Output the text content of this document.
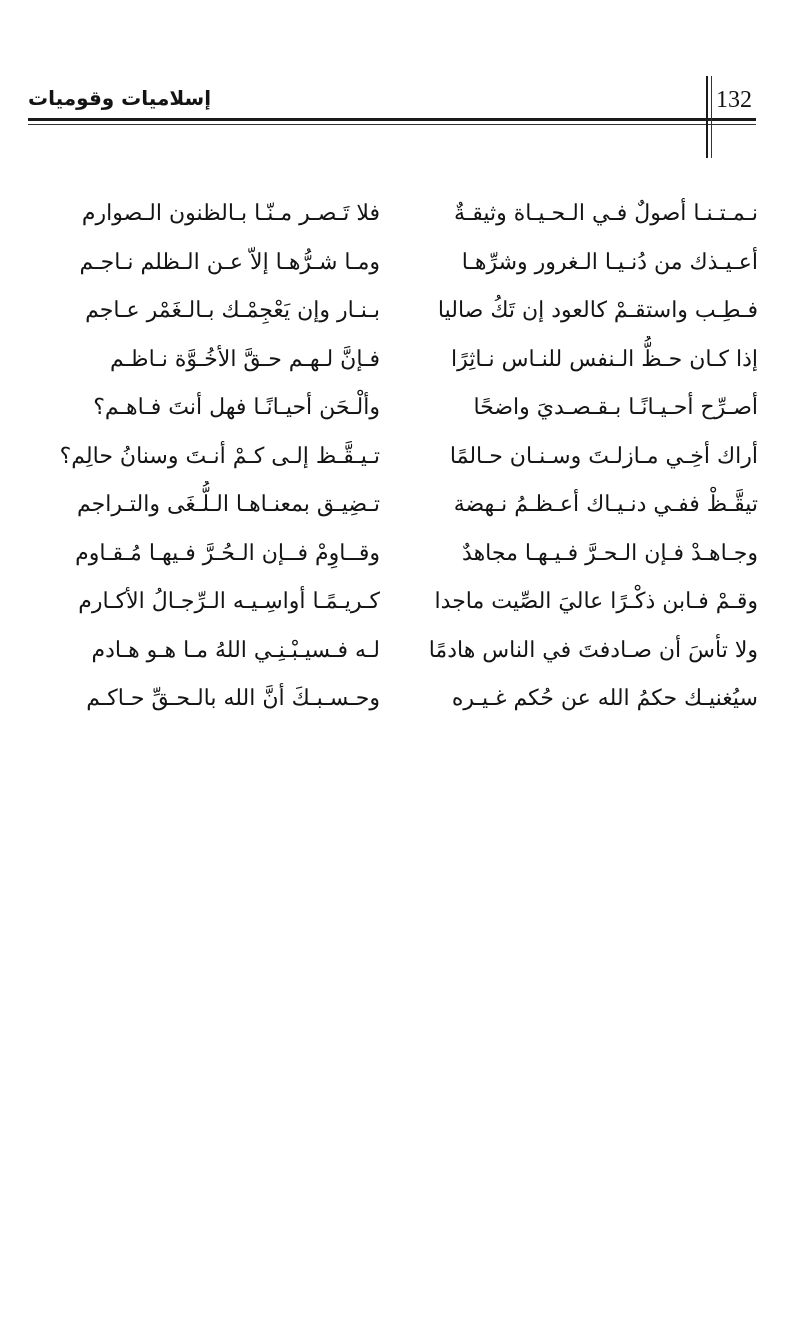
إسلاميات وقوميات	132
نـمـتـنـا أصولٌ فـي الـحـيـاة وثيقـةٌ
فلا تَـصـر مـنّـا بـالظنون الـصوارم
أعـيـذك من دُنـيـا الـغرور وشرِّهـا
ومـا شـرُّهـا إلاّ عـن الـظلم نـاجـم
فـطِـب واستقـمْ كالعود إن تَكُ صاليا
بـنـار وإن يَعْجِمْـك بـالـغَمْر عـاجم
إذا كـان حـظُّ الـنفس للنـاس نـاثِرًا
فـإنَّ لـهـم حـقَّ الأخُـوَّة نـاظـم
أصـرِّح أحـيـانًـا بـقـصـديَ واضحًا
وألْـحَن أحيـانًـا فهل أنتَ فـاهـم؟
أراك أخِـي مـازلـتَ وسـنـان حـالمًا
تـيـقَّـظ إلـى كـمْ أنـتَ وسنانُ حالِم؟
تيقَّـظْ ففـي دنـيـاك أعـظـمُ نـهضة
تـضِيـق بمعنـاهـا الـلُّـغَى والتـراجم
وجـاهـدْ فـإن الـحـرَّ فـيـهـا مجاهدٌ
وقــاوِمْ فــإن الـحُـرَّ فـيهـا مُـقـاوم
وقـمْ فـابن ذكْـرًا عاليَ الصِّيت ماجدا
كـريـمًـا أواسِـيـه الـرِّجـالُ الأكـارم
ولا تأسَ أن صـادفتَ في الناس هادمًا
لـه فـسيـبْـنِـي اللهُ مـا هـو هـادم
سيُغنيـك حكمُ الله عن حُكم غـيـره
وحـسـبـكَ أنَّ الله بالـحـقِّ حـاكـم
